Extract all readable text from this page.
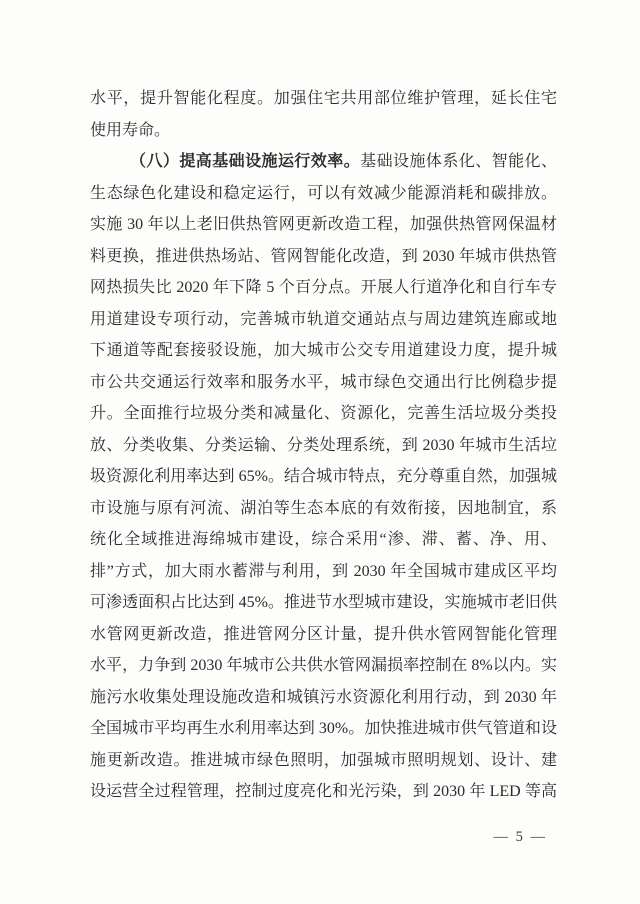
水平，提升智能化程度。加强住宅共用部位维护管理，延长住宅
使用寿命。
（八）提高基础设施运行效率。基础设施体系化、智能化、
生态绿色化建设和稳定运行，可以有效减少能源消耗和碳排放。
实施 30 年以上老旧供热管网更新改造工程，加强供热管网保温材
料更换，推进供热场站、管网智能化改造，到 2030 年城市供热管
网热损失比 2020 年下降 5 个百分点。开展人行道净化和自行车专
用道建设专项行动，完善城市轨道交通站点与周边建筑连廊或地
下通道等配套接驳设施，加大城市公交专用道建设力度，提升城
市公共交通运行效率和服务水平，城市绿色交通出行比例稳步提
升。全面推行垃圾分类和减量化、资源化，完善生活垃圾分类投
放、分类收集、分类运输、分类处理系统，到 2030 年城市生活垃
圾资源化利用率达到 65%。结合城市特点，充分尊重自然，加强城
市设施与原有河流、湖泊等生态本底的有效衔接，因地制宜，系
统化全域推进海绵城市建设，综合采用“渗、滞、蓄、净、用、
排”方式，加大雨水蓄滞与利用，到 2030 年全国城市建成区平均
可渗透面积占比达到 45%。推进节水型城市建设，实施城市老旧供
水管网更新改造，推进管网分区计量，提升供水管网智能化管理
水平，力争到 2030 年城市公共供水管网漏损率控制在 8%以内。实
施污水收集处理设施改造和城镇污水资源化利用行动，到 2030 年
全国城市平均再生水利用率达到 30%。加快推进城市供气管道和设
施更新改造。推进城市绿色照明，加强城市照明规划、设计、建
设运营全过程管理，控制过度亮化和光污染，到 2030 年 LED 等高
— 5 —
